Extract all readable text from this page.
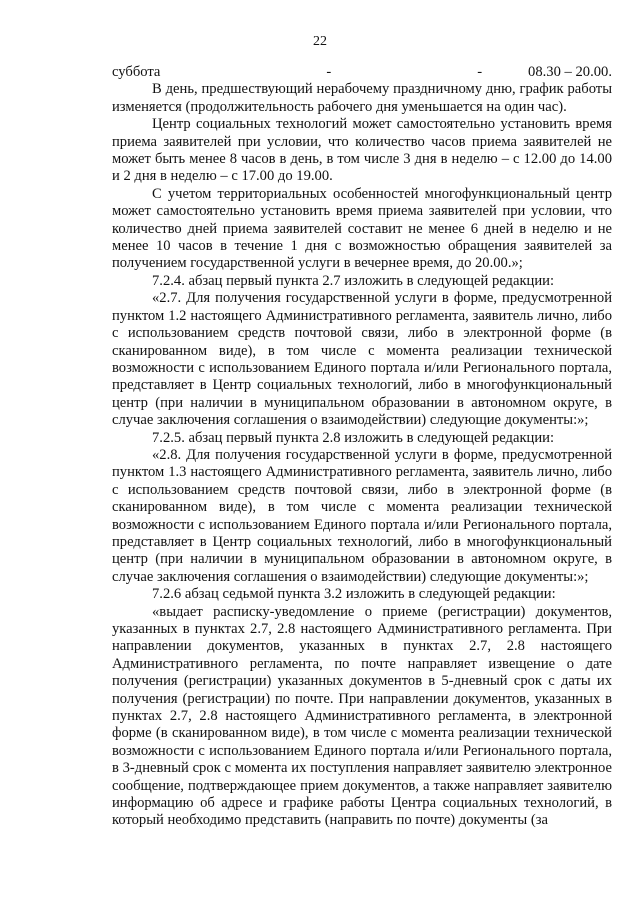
22
суббота	-	-	08.30 – 20.00.

В день, предшествующий нерабочему праздничному дню, график работы изменяется (продолжительность рабочего дня уменьшается на один час).

Центр социальных технологий может самостоятельно установить время приема заявителей при условии, что количество часов приема заявителей не может быть менее 8 часов в день, в том числе 3 дня в неделю – с 12.00 до 14.00 и 2 дня в неделю – с 17.00 до 19.00.

С учетом территориальных особенностей многофункциональный центр может самостоятельно установить время приема заявителей при условии, что количество дней приема заявителей составит не менее 6 дней в неделю и не менее 10 часов в течение 1 дня с возможностью обращения заявителей за получением государственной услуги в вечернее время, до 20.00.»;

7.2.4. абзац первый пункта 2.7 изложить в следующей редакции:

«2.7. Для получения государственной услуги в форме, предусмотренной пунктом 1.2 настоящего Административного регламента, заявитель лично, либо с использованием средств почтовой связи, либо в электронной форме (в сканированном виде), в том числе с момента реализации технической возможности с использованием Единого портала и/или Регионального портала, представляет в Центр социальных технологий, либо в многофункциональный центр (при наличии в муниципальном образовании в автономном округе, в случае заключения соглашения о взаимодействии) следующие документы:»;

7.2.5. абзац первый пункта 2.8 изложить в следующей редакции:

«2.8. Для получения государственной услуги в форме, предусмотренной пунктом 1.3 настоящего Административного регламента, заявитель лично, либо с использованием средств почтовой связи, либо в электронной форме (в сканированном виде), в том числе с момента реализации технической возможности с использованием Единого портала и/или Регионального портала, представляет в Центр социальных технологий, либо в многофункциональный центр (при наличии в муниципальном образовании в автономном округе, в случае заключения соглашения о взаимодействии) следующие документы:»;

7.2.6 абзац седьмой пункта 3.2 изложить в следующей редакции:

«выдает расписку-уведомление о приеме (регистрации) документов, указанных в пунктах 2.7, 2.8 настоящего Административного регламента. При направлении документов, указанных в пунктах 2.7, 2.8 настоящего Административного регламента, по почте направляет извещение о дате получения (регистрации) указанных документов в 5-дневный срок с даты их получения (регистрации) по почте. При направлении документов, указанных в пунктах 2.7, 2.8 настоящего Административного регламента, в электронной форме (в сканированном виде), в том числе с момента реализации технической возможности с использованием Единого портала и/или Регионального портала, в 3-дневный срок с момента их поступления направляет заявителю электронное сообщение, подтверждающее прием документов, а также направляет заявителю информацию об адресе и графике работы Центра социальных технологий, в который необходимо представить (направить по почте) документы (за
